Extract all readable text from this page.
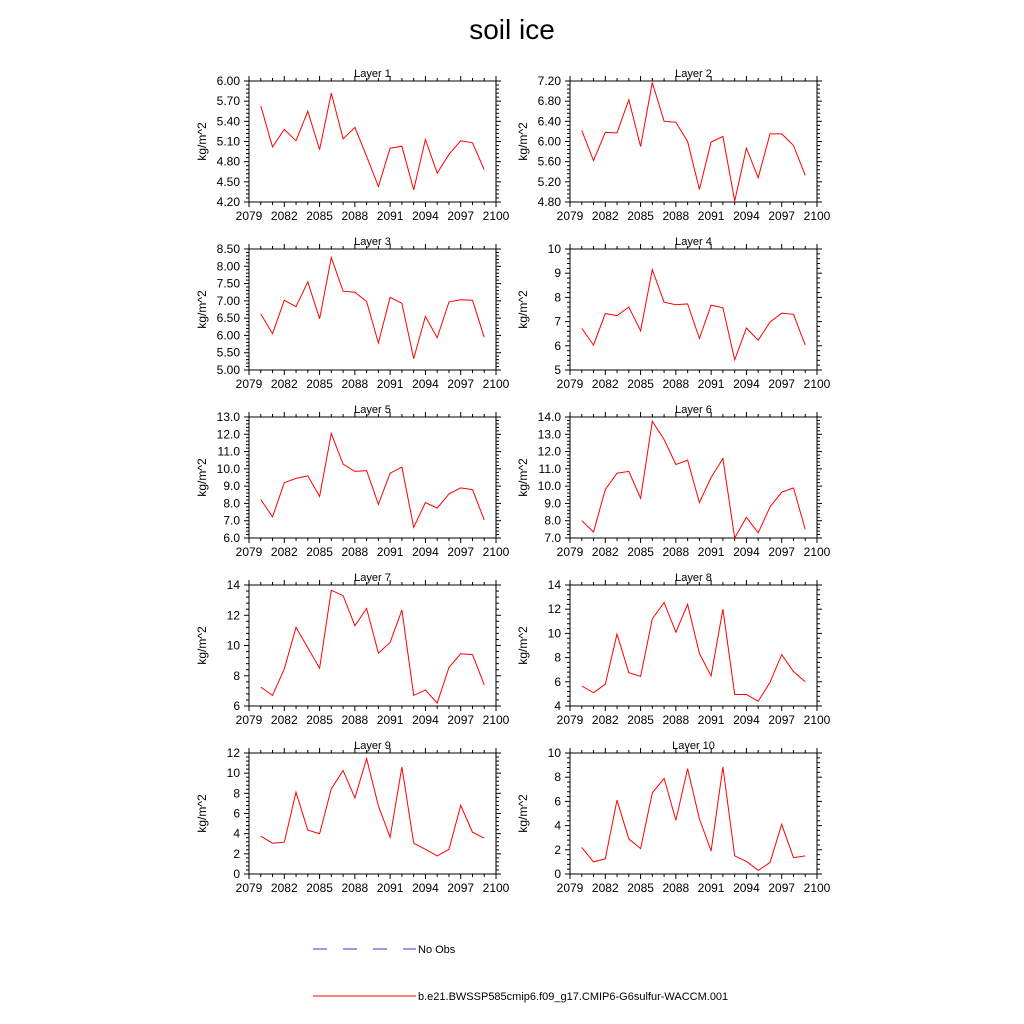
soil ice
Layer 1
kg/m^2
2079 2082 2085 2088 2091 2094 2097 2100
4.20
4.50
4.80
5.10
5.40
5.70
6.00	Layer 2
kg/m^2
2079 2082 2085 2088 2091 2094 2097 2100
4.80
5.20
5.60
6.00
6.40
6.80
7.20
Layer 3
kg/m^2
2079 2082 2085 2088 2091 2094 2097 2100
5.00
5.50
6.00
6.50
7.00
7.50
8.00
8.50	Layer 4
kg/m^2
2079 2082 2085 2088 2091 2094 2097 2100
5
6
7
8
9
10
Layer 5
kg/m^2
2079 2082 2085 2088 2091 2094 2097 2100
6.0
7.0
8.0
9.0
10.0
11.0
12.0
13.0	Layer 6
kg/m^2
2079 2082 2085 2088 2091 2094 2097 2100
7.0
8.0
9.0
10.0
11.0
12.0
13.0
14.0
Layer 7
kg/m^2
2079 2082 2085 2088 2091 2094 2097 2100
6
8
10
12
14	Layer 8
kg/m^2
2079 2082 2085 2088 2091 2094 2097 2100
4
6
8
10
12
14
Layer 9
kg/m^2
2079 2082 2085 2088 2091 2094 2097 2100
0
2
4
6
8
10
12	Layer 10
kg/m^2
2079 2082 2085 2088 2091 2094 2097 2100
0
2
4
6
8
10
No Obs
b.e21.BWSSP585cmip6.f09_g17.CMIP6-G6sulfur-WACCM.001
